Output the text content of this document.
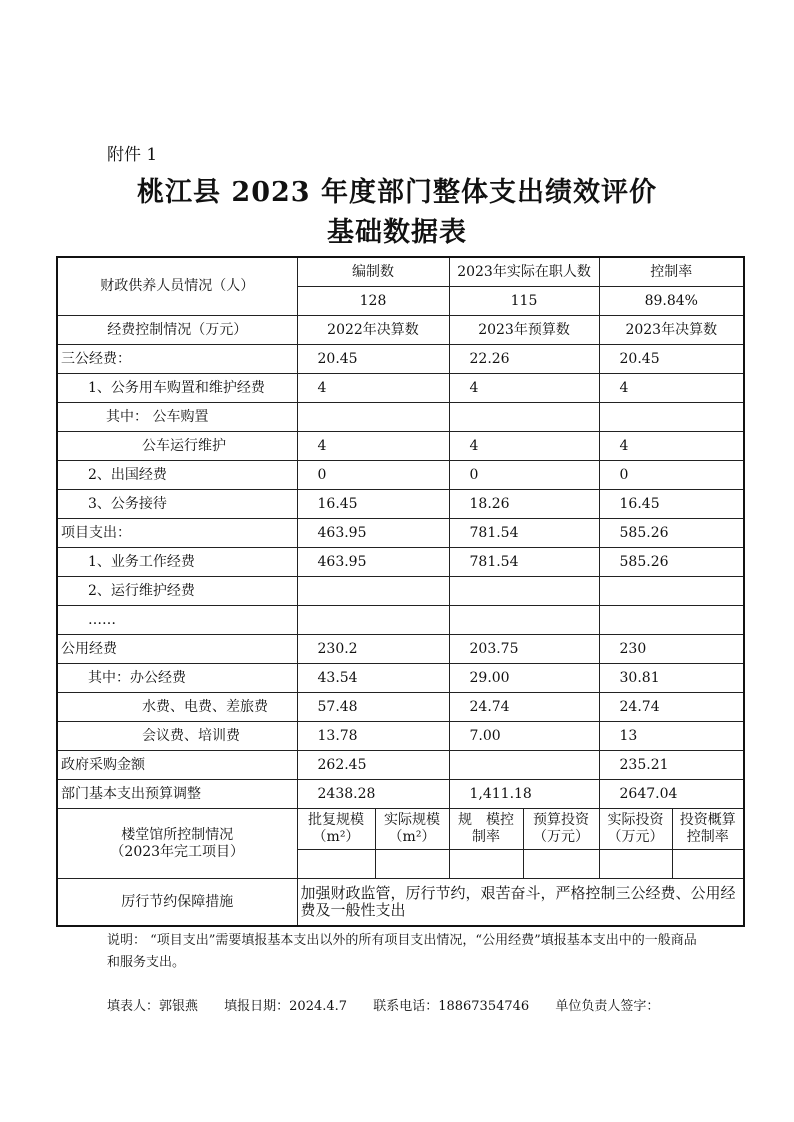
附件 1
桃江县 2023 年度部门整体支出绩效评价
基础数据表
财政供养人员情况（人）	编制数		2023年实际在职人数		控制率	
	128		115		89.84%	
经费控制情况（万元）	2022年决算数		2023年预算数		2023年决算数	
三公经费：	20.45		22.26		20.45	
1、公务用车购置和维护经费	4		4		4	
其中： 公车购置						
公车运行维护	4		4		4	
2、出国经费	0		0		0	
3、公务接待	16.45		18.26		16.45	
项目支出：	463.95		781.54		585.26	
1、业务工作经费	463.95		781.54		585.26	
2、运行维护经费						
……						
公用经费	230.2		203.75		230	
其中：办公经费	43.54		29.00		30.81	
水费、电费、差旅费	57.48		24.74		24.74	
会议费、培训费	13.78		7.00		13	
政府采购金额	262.45				235.21	
部门基本支出预算调整	2438.28		1,411.18		2647.04	

楼堂馆所控制情况
（2023年完工项目）	批复规模（m²）	实际规模（m²）	规　模控制率	预算投资（万元）	实际投资（万元）	投资概算控制率

厉行节约保障措施	加强财政监管，厉行节约，艰苦奋斗，严格控制三公经费、公用经费及一般性支出					
说明： “项目支出”需要填报基本支出以外的所有项目支出情况，“公用经费”填报基本支出中的一般商品和服务支出。
填表人：郭银燕 填报日期：2024.4.7 联系电话：18867354746 单位负责人签字：
